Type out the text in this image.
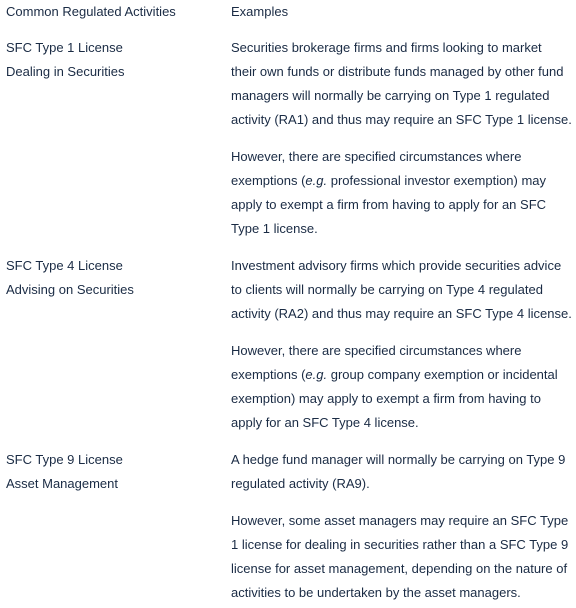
Common Regulated Activities	Examples
SFC Type 1 License
Dealing in Securities
Securities brokerage firms and firms looking to market
their own funds or distribute funds managed by other fund
managers will normally be carrying on Type 1 regulated
activity (RA1) and thus may require an SFC Type 1 license.
However, there are specified circumstances where
exemptions (e.g. professional investor exemption) may
apply to exempt a firm from having to apply for an SFC
Type 1 license.
SFC Type 4 License
Advising on Securities
Investment advisory firms which provide securities advice
to clients will normally be carrying on Type 4 regulated
activity (RA2) and thus may require an SFC Type 4 license.
However, there are specified circumstances where
exemptions (e.g. group company exemption or incidental
exemption) may apply to exempt a firm from having to
apply for an SFC Type 4 license.
SFC Type 9 License
Asset Management
A hedge fund manager will normally be carrying on Type 9
regulated activity (RA9).
However, some asset managers may require an SFC Type
1 license for dealing in securities rather than a SFC Type 9
license for asset management, depending on the nature of
activities to be undertaken by the asset managers.
